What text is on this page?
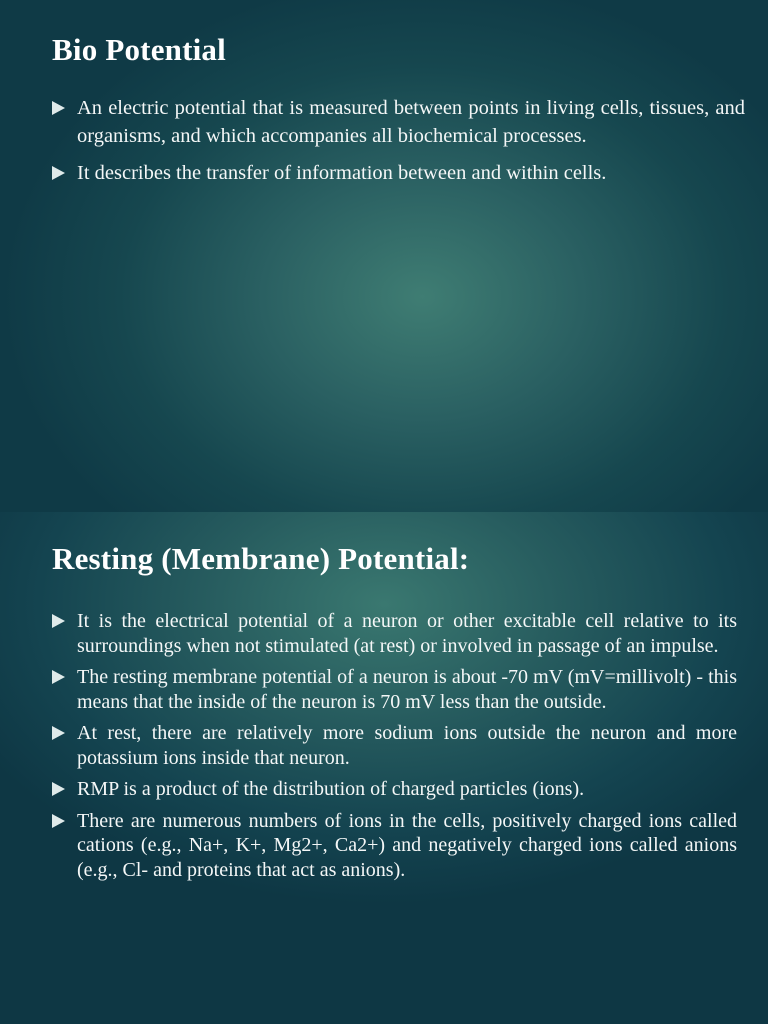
Bio Potential
An electric potential that is measured between points in living cells, tissues, and organisms, and which accompanies all biochemical processes.
It describes the transfer of information between and within cells.
Resting (Membrane) Potential:
It is the electrical potential of a neuron or other excitable cell relative to its surroundings when not stimulated (at rest) or involved in passage of an impulse.
The resting membrane potential of a neuron is about -70 mV (mV=millivolt) - this means that the inside of the neuron is 70 mV less than the outside.
At rest, there are relatively more sodium ions outside the neuron and more potassium ions inside that neuron.
RMP is a product of the distribution of charged particles (ions).
There are numerous numbers of ions in the cells, positively charged ions called cations (e.g., Na+, K+, Mg2+, Ca2+) and negatively charged ions called anions (e.g., Cl- and proteins that act as anions).
